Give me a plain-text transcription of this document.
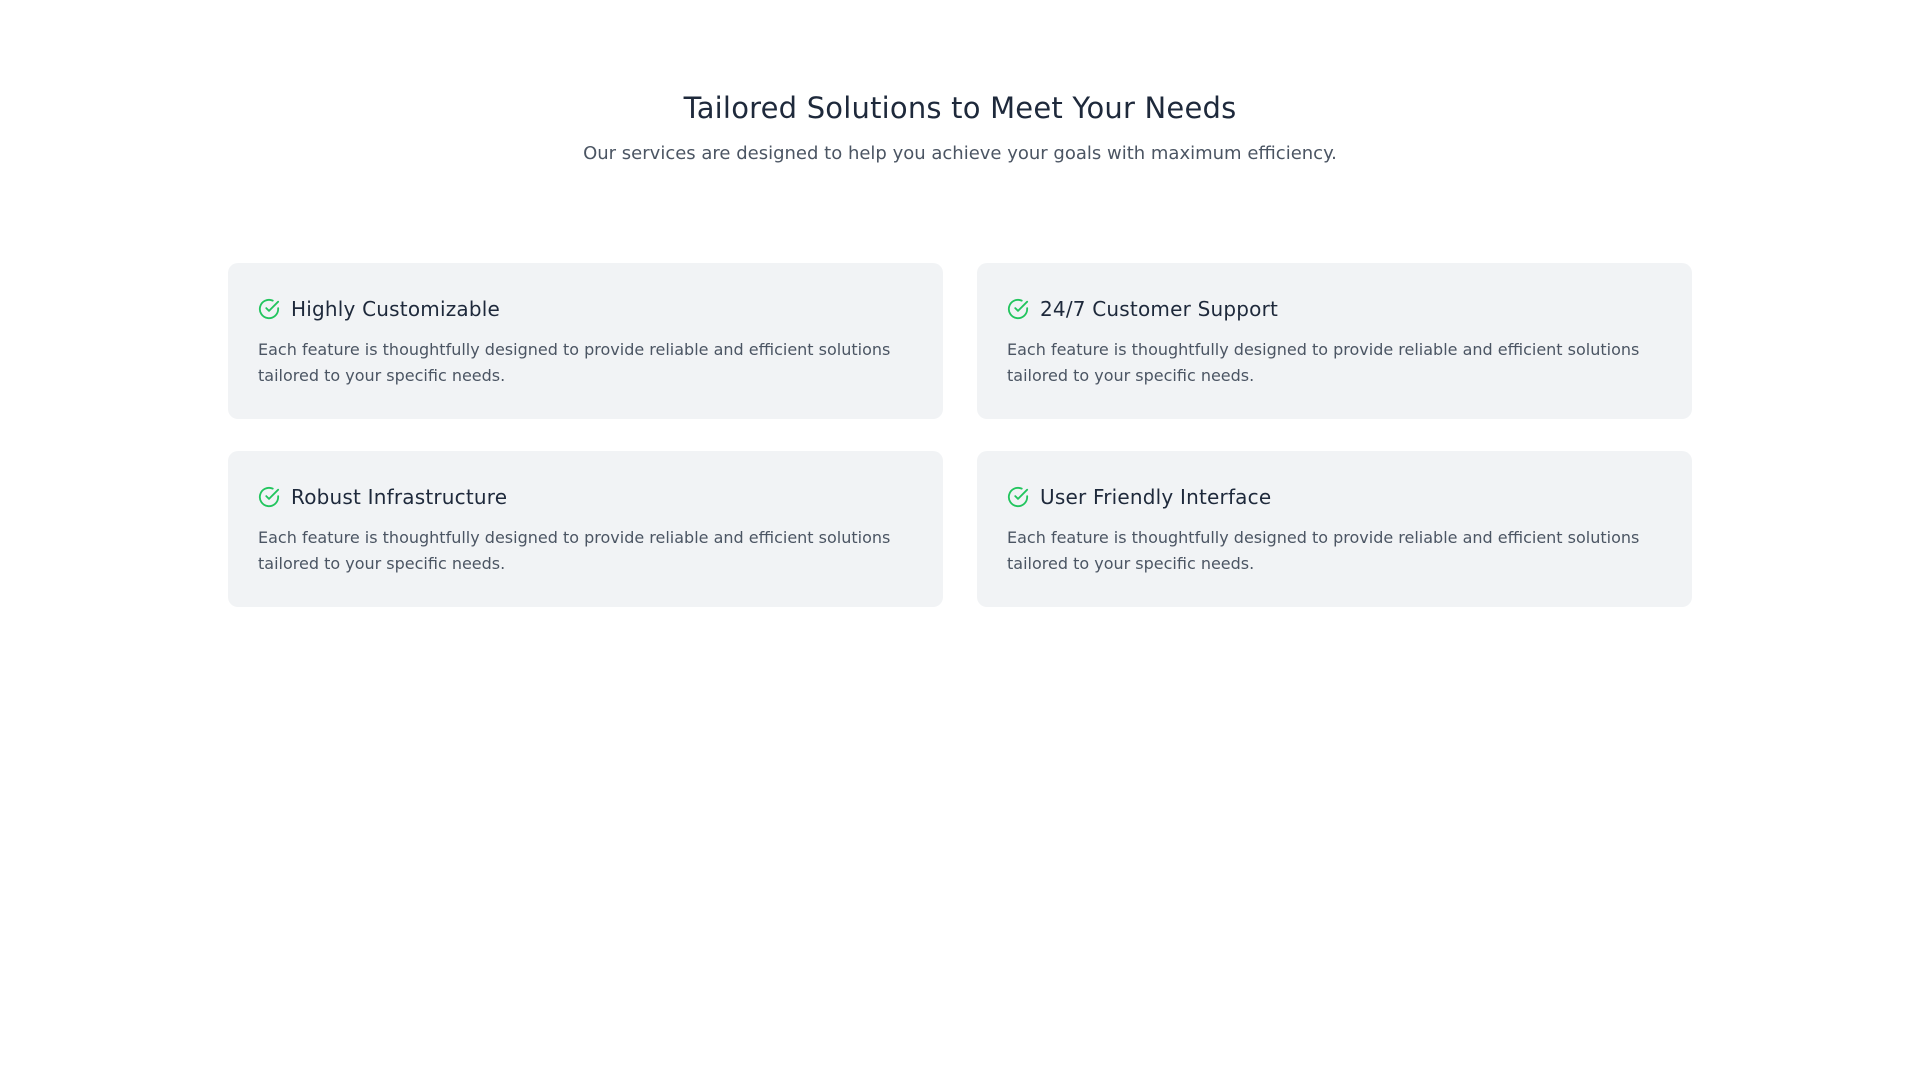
Tailored Solutions to Meet Your Needs

Our services are designed to help you achieve your goals with maximum efficiency.

Highly Customizable

Each feature is thoughtfully designed to provide reliable and efficient solutions tailored to your specific needs.

24/7 Customer Support

Each feature is thoughtfully designed to provide reliable and efficient solutions tailored to your specific needs.

Robust Infrastructure

Each feature is thoughtfully designed to provide reliable and efficient solutions tailored to your specific needs.

User Friendly Interface

Each feature is thoughtfully designed to provide reliable and efficient solutions tailored to your specific needs.
